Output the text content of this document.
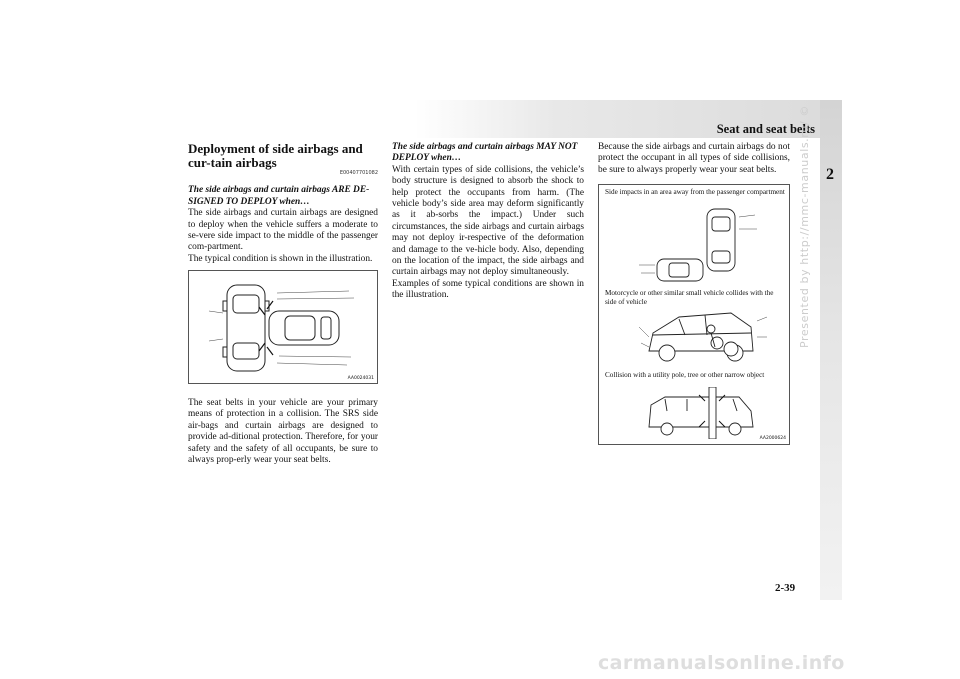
Seat and seat belts
2
Presented by http://mmc-manuals.ru/ ©
Deployment of side airbags and cur-tain airbags
E00407701082
The side airbags and curtain airbags ARE DE-SIGNED TO DEPLOY when…

The side airbags and curtain airbags are designed to deploy when the vehicle suffers a moderate to se-vere side impact to the middle of the passenger com-partment.

The typical condition is shown in the illustration.

AA0024031
The seat belts in your vehicle are your primary means of protection in a collision. The SRS side air-bags and curtain airbags are designed to provide ad-ditional protection. Therefore, for your safety and the safety of all occupants, be sure to always prop-erly wear your seat belts.
The side airbags and curtain airbags MAY NOT DEPLOY when…

With certain types of side collisions, the vehicle’s body structure is designed to absorb the shock to help protect the occupants from harm. (The vehicle body’s side area may deform significantly as it ab-sorbs the impact.) Under such circumstances, the side airbags and curtain airbags may not deploy ir-respective of the deformation and damage to the ve-hicle body. Also, depending on the location of the impact, the side airbags and curtain airbags may not deploy simultaneously.

Examples of some typical conditions are shown in the illustration.

Because the side airbags and curtain airbags do not protect the occupant in all types of side collisions, be sure to always properly wear your seat belts.

Side impacts in an area away from the passenger compartment
Motorcycle or other similar small vehicle collides with the side of vehicle
Collision with a utility pole, tree or other narrow object
AA2000624
2-39
carmanualsonline.info
